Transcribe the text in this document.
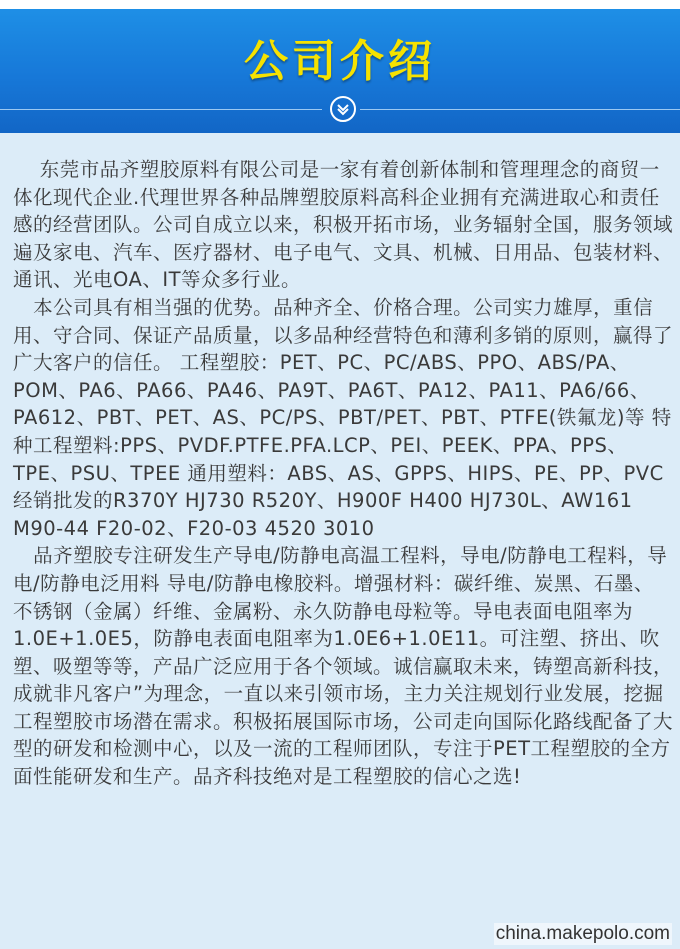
公司介绍

东莞市品齐塑胶原料有限公司是一家有着创新体制和管理理念的商贸一体化现代企业.代理世界各种品牌塑胶原料高科企业拥有充满进取心和责任感的经营团队。公司自成立以来，积极开拓市场，业务辐射全国，服务领域遍及家电、汽车、医疗器材、电子电气、文具、机械、日用品、包装材料、通讯、光电OA、IT等众多行业。

本公司具有相当强的优势。品种齐全、价格合理。公司实力雄厚，重信用、守合同、保证产品质量，以多品种经营特色和薄利多销的原则，赢得了广大客户的信任。 工程塑胶：PET、PC、PC/ABS、PPO、ABS/PA、POM、PA6、PA66、PA46、PA9T、PA6T、PA12、PA11、PA6/66、PA612、PBT、PET、AS、PC/PS、PBT/PET、PBT、PTFE(铁氟龙)等 特种工程塑料:PPS、PVDF.PTFE.PFA.LCP、PEI、PEEK、PPA、PPS、TPE、PSU、TPEE 通用塑料：ABS、AS、GPPS、HIPS、PE、PP、PVC 经销批发的R370Y HJ730 R520Y、H900F H400 HJ730L、AW161 M90-44 F20-02、F20-03 4520 3010

品齐塑胶专注研发生产导电/防静电高温工程料，导电/防静电工程料，导电/防静电泛用料 导电/防静电橡胶料。增强材料：碳纤维、炭黑、石墨、不锈钢（金属）纤维、金属粉、永久防静电母粒等。导电表面电阻率为1.0E+1.0E5，防静电表面电阻率为1.0E6+1.0E11。可注塑、挤出、吹塑、吸塑等等，产品广泛应用于各个领域。诚信赢取未来，铸塑高新科技，成就非凡客户”为理念，一直以来引领市场，主力关注规划行业发展，挖掘工程塑胶市场潜在需求。积极拓展国际市场，公司走向国际化路线配备了大型的研发和检测中心，以及一流的工程师团队，专注于PET工程塑胶的全方面性能研发和生产。品齐科技绝对是工程塑胶的信心之选!

china.makepolo.com
